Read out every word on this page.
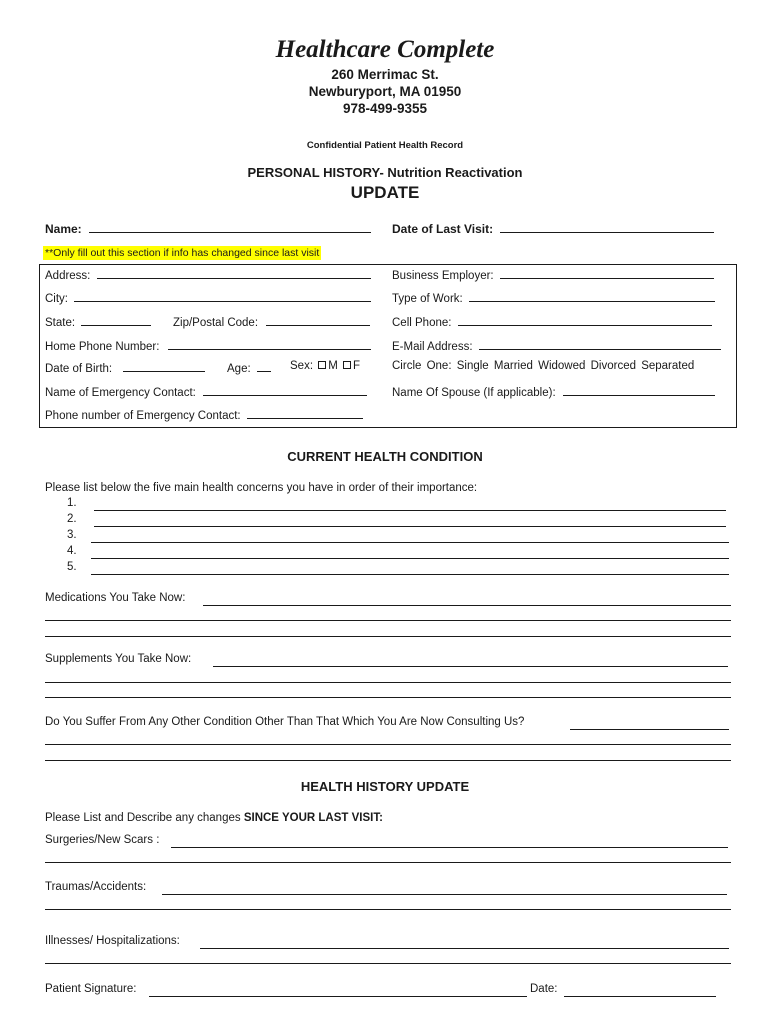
Healthcare Complete
260 Merrimac St.
Newburyport, MA 01950
978-499-9355
Confidential Patient Health Record
PERSONAL HISTORY- Nutrition Reactivation
UPDATE
Name:	Date of Last Visit:
**Only fill out this section if info has changed since last visit
Address:	Business Employer:
City:	Type of Work:
State:	Zip/Postal Code:	Cell Phone:
Home Phone Number:	E-Mail Address:
Date of Birth:	Age:	Sex: M F	Circle One: Single Married Widowed Divorced Separated
Name of Emergency Contact:	Name Of Spouse (If applicable):
Phone number of Emergency Contact:
CURRENT HEALTH CONDITION
Please list below the five main health concerns you have in order of their importance:
1.
2.
3.
4.
5.
Medications You Take Now:
Supplements You Take Now:
Do You Suffer From Any Other Condition Other Than That Which You Are Now Consulting Us?
HEALTH HISTORY UPDATE
Please List and Describe any changes SINCE YOUR LAST VISIT:
Surgeries/New Scars :
Traumas/Accidents:
Illnesses/ Hospitalizations:
Patient Signature:	Date:
